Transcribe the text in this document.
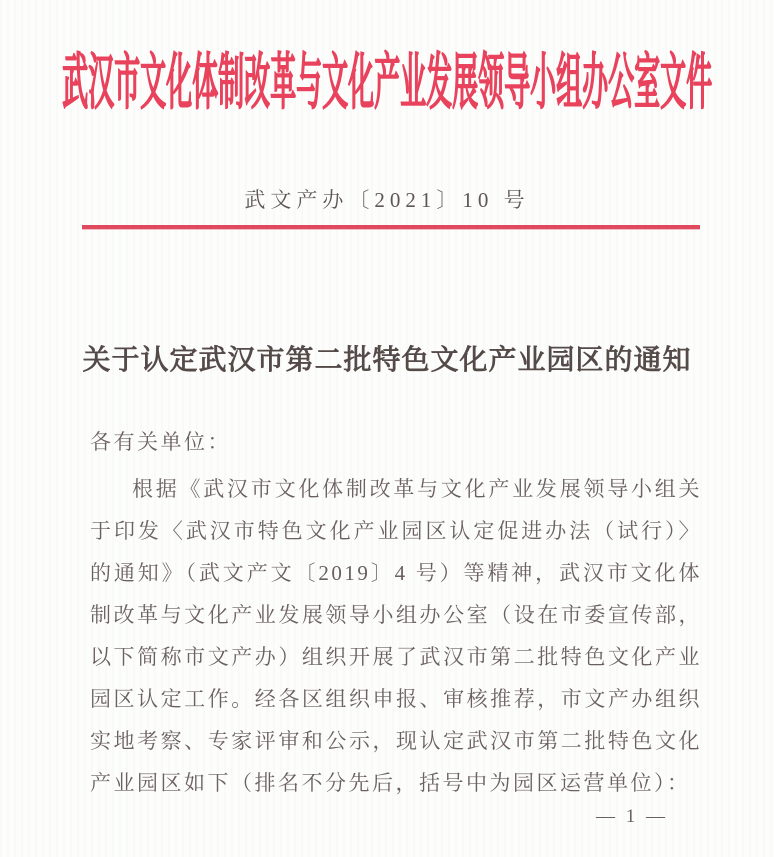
武汉市文化体制改革与文化产业发展领导小组办公室文件
武文产办〔2021〕10 号
关于认定武汉市第二批特色文化产业园区的通知

各有关单位：

根据《武汉市文化体制改革与文化产业发展领导小组关于印发〈武汉市特色文化产业园区认定促进办法（试行）〉的通知》（武文产文〔2019〕4 号）等精神，武汉市文化体制改革与文化产业发展领导小组办公室（设在市委宣传部，以下简称市文产办）组织开展了武汉市第二批特色文化产业园区认定工作。经各区组织申报、审核推荐，市文产办组织实地考察、专家评审和公示，现认定武汉市第二批特色文化产业园区如下（排名不分先后，括号中为园区运营单位）：

— 1 —
